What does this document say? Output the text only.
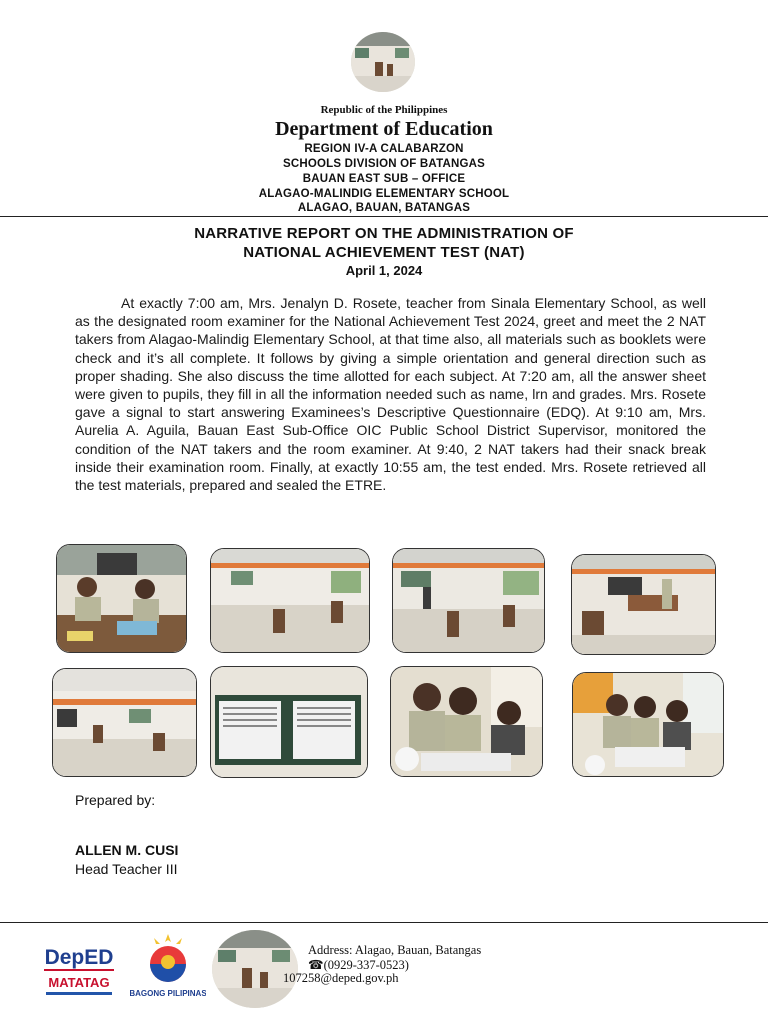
Republic of the Philippines
Department of Education
REGION IV-A CALABARZON
SCHOOLS DIVISION OF BATANGAS
BAUAN EAST SUB – OFFICE
ALAGAO-MALINDIG ELEMENTARY SCHOOL
ALAGAO, BAUAN, BATANGAS
NARRATIVE REPORT ON THE ADMINISTRATION OF
NATIONAL ACHIEVEMENT TEST (NAT)
April 1, 2024
At exactly 7:00 am, Mrs. Jenalyn D. Rosete, teacher from Sinala Elementary School, as well as the designated room examiner for the National Achievement Test 2024, greet and meet the 2 NAT takers from Alagao-Malindig Elementary School, at that time also, all materials such as booklets were check and it’s all complete. It follows by giving a simple orientation and general direction such as proper shading. She also discuss the time allotted for each subject. At 7:20 am, all the answer sheet were given to pupils, they fill in all the information needed such as name, lrn and grades. Mrs. Rosete gave a signal to start answering Examinees’s Descriptive Questionnaire (EDQ). At 9:10 am, Mrs. Aurelia A. Aguila, Bauan East Sub-Office OIC Public School District Supervisor, monitored the condition of the NAT takers and the room examiner. At 9:40, 2 NAT takers had their snack break inside their examination room. Finally, at exactly 10:55 am, the test ended. Mrs. Rosete retrieved all the test materials, prepared and sealed the ETRE.
Prepared by:
ALLEN M. CUSI
Head Teacher III
DepED
MATATAG
BAGONG PILIPINAS
Address: Alagao, Bauan, Batangas
☎(0929-337-0523)
107258@deped.gov.ph
